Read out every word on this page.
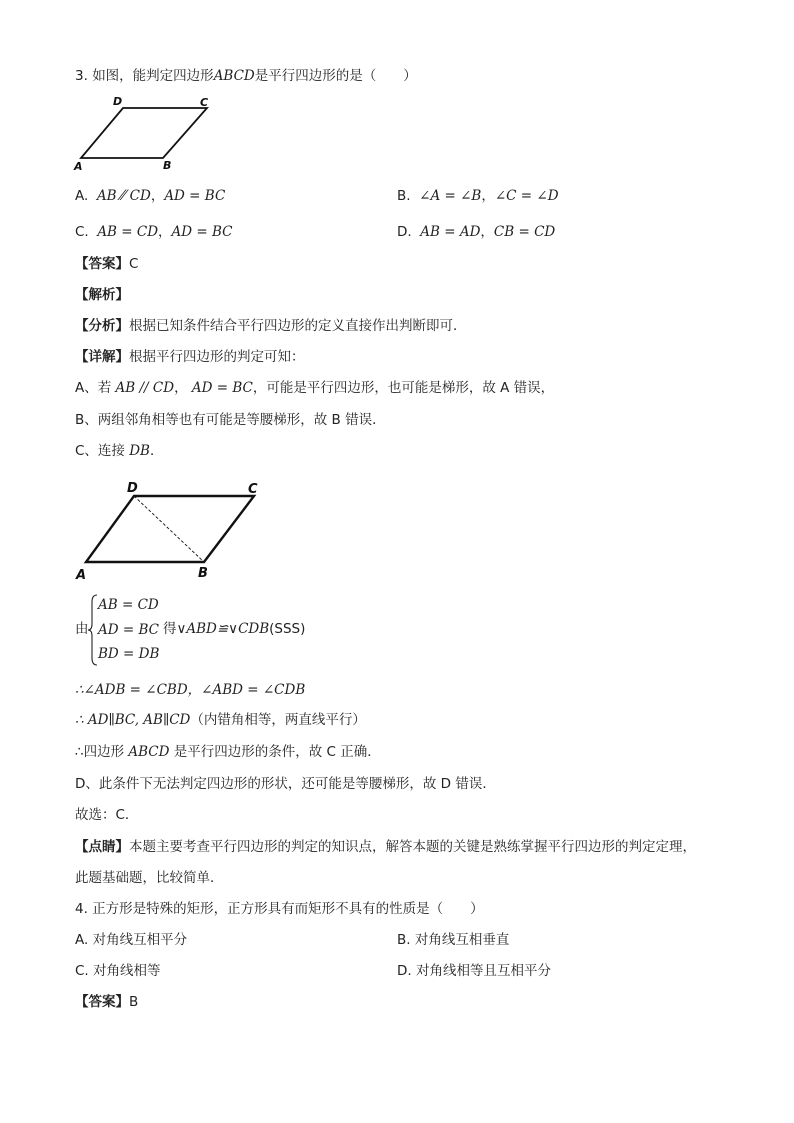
3. 如图，能判定四边形ABCD是平行四边形的是（　　）
D	C
A	B
A. AB ⁄⁄ CD，AD = BC	B. ∠A = ∠B，∠C = ∠D
C. AB = CD，AD = BC	D. AB = AD，CB = CD
【答案】C
【解析】
【分析】根据已知条件结合平行四边形的定义直接作出判断即可．
【详解】根据平行四边形的判定可知：
A、若 AB // CD， AD = BC，可能是平行四边形，也可能是梯形，故 A 错误，
B、两组邻角相等也有可能是等腰梯形，故 B 错误．
C、连接 DB．
D	C
A	B
由
AB = CD
AD = BC
BD = DB
得∨ABD≌∨CDB(SSS)
∴∠ADB = ∠CBD，∠ABD = ∠CDB
∴ AD∥BC, AB∥CD（内错角相等，两直线平行）
∴四边形 ABCD 是平行四边形的条件，故 C 正确．
D、此条件下无法判定四边形的形状，还可能是等腰梯形，故 D 错误．
故选：C．
【点睛】本题主要考查平行四边形的判定的知识点，解答本题的关键是熟练掌握平行四边形的判定定理，
此题基础题，比较简单．
4. 正方形是特殊的矩形，正方形具有而矩形不具有的性质是（　　）
A. 对角线互相平分	B. 对角线互相垂直
C. 对角线相等	D. 对角线相等且互相平分
【答案】B
